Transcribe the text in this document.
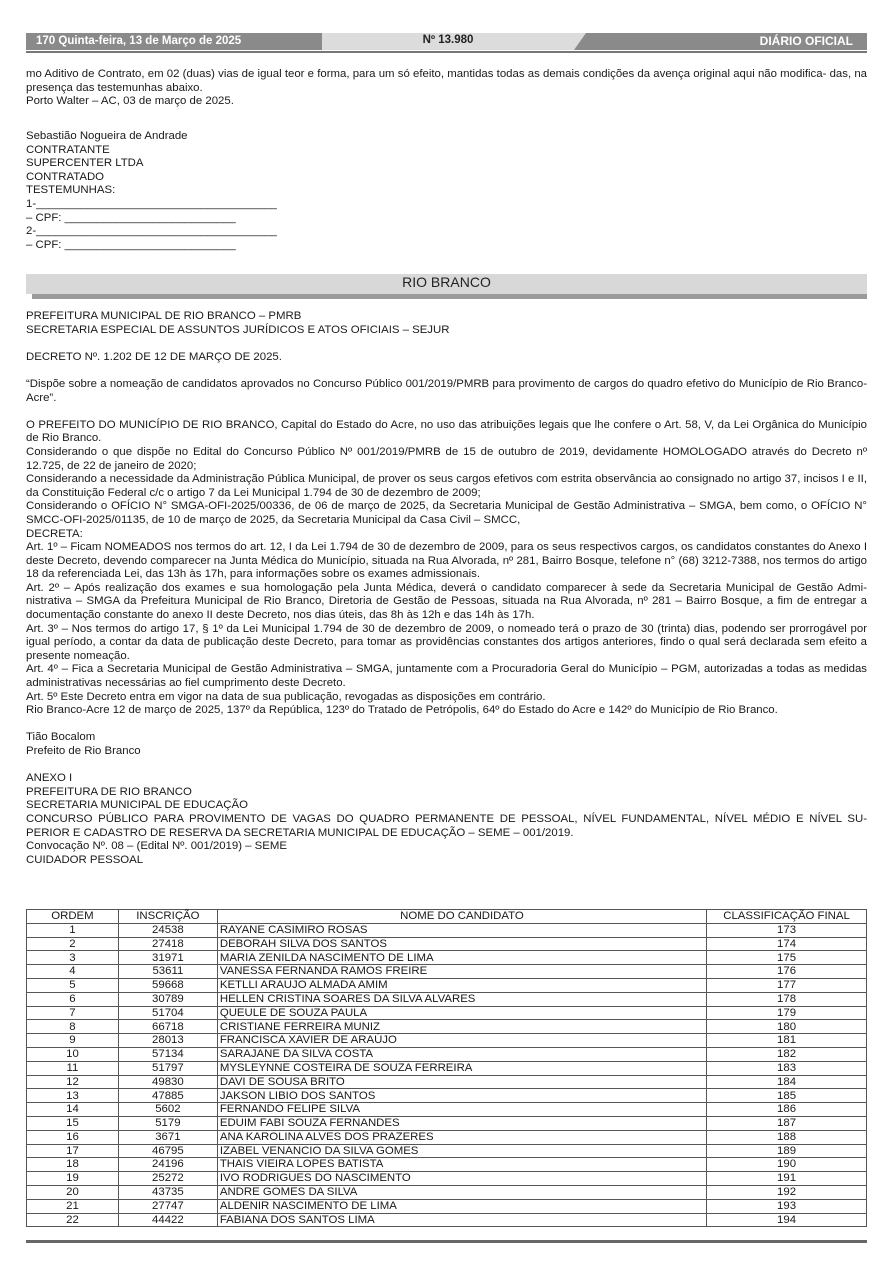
170 Quinta-feira, 13 de Março de 2025	Nº 13.980	DIÁRIO OFICIAL
mo Aditivo de Contrato, em 02 (duas) vias de igual teor e forma, para um só efeito, mantidas todas as demais condições da avença original aqui não modifica- das, na presença das testemunhas abaixo.
Porto Walter – AC, 03 de março de 2025.
Sebastião Nogueira de Andrade
CONTRATANTE
SUPERCENTER LTDA
CONTRATADO
TESTEMUNHAS:
1-______________________________________
– CPF: ___________________________
2-______________________________________
– CPF: ___________________________
RIO BRANCO
PREFEITURA MUNICIPAL DE RIO BRANCO – PMRB
SECRETARIA ESPECIAL DE ASSUNTOS JURÍDICOS E ATOS OFICIAIS – SEJUR
DECRETO Nº. 1.202 DE 12 DE MARÇO DE 2025.
“Dispõe sobre a nomeação de candidatos aprovados no Concurso Público 001/2019/PMRB para provimento de cargos do quadro efetivo do Município de Rio Branco-Acre”.
O PREFEITO DO MUNICÍPIO DE RIO BRANCO, Capital do Estado do Acre, no uso das atribuições legais que lhe confere o Art. 58, V, da Lei Orgânica do Município de Rio Branco.
Considerando o que dispõe no Edital do Concurso Público Nº 001/2019/PMRB de 15 de outubro de 2019, devidamente HOMOLOGADO através do Decreto nº 12.725, de 22 de janeiro de 2020;
Considerando a necessidade da Administração Pública Municipal, de prover os seus cargos efetivos com estrita observância ao consignado no artigo 37, incisos I e II, da Constituição Federal c/c o artigo 7 da Lei Municipal 1.794 de 30 de dezembro de 2009;
Considerando o OFÍCIO N° SMGA-OFI-2025/00336, de 06 de março de 2025, da Secretaria Municipal de Gestão Administrativa – SMGA, bem como, o OFÍCIO N° SMCC-OFI-2025/01135, de 10 de março de 2025, da Secretaria Municipal da Casa Civil – SMCC,
DECRETA:
Art. 1º – Ficam NOMEADOS nos termos do art. 12, I da Lei 1.794 de 30 de dezembro de 2009, para os seus respectivos cargos, os candidatos constantes do Anexo I deste Decreto, devendo comparecer na Junta Médica do Município, situada na Rua Alvorada, nº 281, Bairro Bosque, telefone n° (68) 3212-7388, nos termos do artigo 18 da referenciada Lei, das 13h às 17h, para informações sobre os exames admissionais.
Art. 2º – Após realização dos exames e sua homologação pela Junta Médica, deverá o candidato comparecer à sede da Secretaria Municipal de Gestão Admi- nistrativa – SMGA da Prefeitura Municipal de Rio Branco, Diretoria de Gestão de Pessoas, situada na Rua Alvorada, nº 281 – Bairro Bosque, a fim de entregar a documentação constante do anexo II deste Decreto, nos dias úteis, das 8h às 12h e das 14h às 17h.
Art. 3º – Nos termos do artigo 17, § 1º da Lei Municipal 1.794 de 30 de dezembro de 2009, o nomeado terá o prazo de 30 (trinta) dias, podendo ser prorrogável por igual período, a contar da data de publicação deste Decreto, para tomar as providências constantes dos artigos anteriores, findo o qual será declarada sem efeito a presente nomeação.
Art. 4º – Fica a Secretaria Municipal de Gestão Administrativa – SMGA, juntamente com a Procuradoria Geral do Município – PGM, autorizadas a todas as medidas administrativas necessárias ao fiel cumprimento deste Decreto.
Art. 5º Este Decreto entra em vigor na data de sua publicação, revogadas as disposições em contrário.
Rio Branco-Acre 12 de março de 2025, 137º da República, 123º do Tratado de Petrópolis, 64º do Estado do Acre e 142º do Município de Rio Branco.
Tião Bocalom
Prefeito de Rio Branco
ANEXO I
PREFEITURA DE RIO BRANCO
SECRETARIA MUNICIPAL DE EDUCAÇÃO
CONCURSO PÚBLICO PARA PROVIMENTO DE VAGAS DO QUADRO PERMANENTE DE PESSOAL, NÍVEL FUNDAMENTAL, NÍVEL MÉDIO E NÍVEL SU- PERIOR E CADASTRO DE RESERVA DA SECRETARIA MUNICIPAL DE EDUCAÇÃO – SEME – 001/2019.
Convocação Nº. 08 – (Edital Nº. 001/2019) – SEME
CUIDADOR PESSOAL
ORDEM	INSCRIÇÃO	NOME DO CANDIDATO	CLASSIFICAÇÃO FINAL
1	24538	RAYANE CASIMIRO ROSAS	173
2	27418	DEBORAH SILVA DOS SANTOS	174
3	31971	MARIA ZENILDA NASCIMENTO DE LIMA	175
4	53611	VANESSA FERNANDA RAMOS FREIRE	176
5	59668	KETLLI ARAUJO ALMADA AMIM	177
6	30789	HELLEN CRISTINA SOARES DA SILVA ALVARES	178
7	51704	QUEULE DE SOUZA PAULA	179
8	66718	CRISTIANE FERREIRA MUNIZ	180
9	28013	FRANCISCA XAVIER DE ARAÚJO	181
10	57134	SARAJANE DA SILVA COSTA	182
11	51797	MYSLEYNNE COSTEIRA DE SOUZA FERREIRA	183
12	49830	DAVI DE SOUSA BRITO	184
13	47885	JAKSON LIBIO DOS SANTOS	185
14	5602	FERNANDO FELIPE SILVA	186
15	5179	EDUIM FABI SOUZA FERNANDES	187
16	3671	ANA KAROLINA ALVES DOS PRAZERES	188
17	46795	IZABEL VENANCIO DA SILVA GOMES	189
18	24196	THAIS VIEIRA LOPES BATISTA	190
19	25272	IVO RODRIGUES DO NASCIMENTO	191
20	43735	ANDRE GOMES DA SILVA	192
21	27747	ALDENIR NASCIMENTO DE LIMA	193
22	44422	FABIANA DOS SANTOS LIMA	194
